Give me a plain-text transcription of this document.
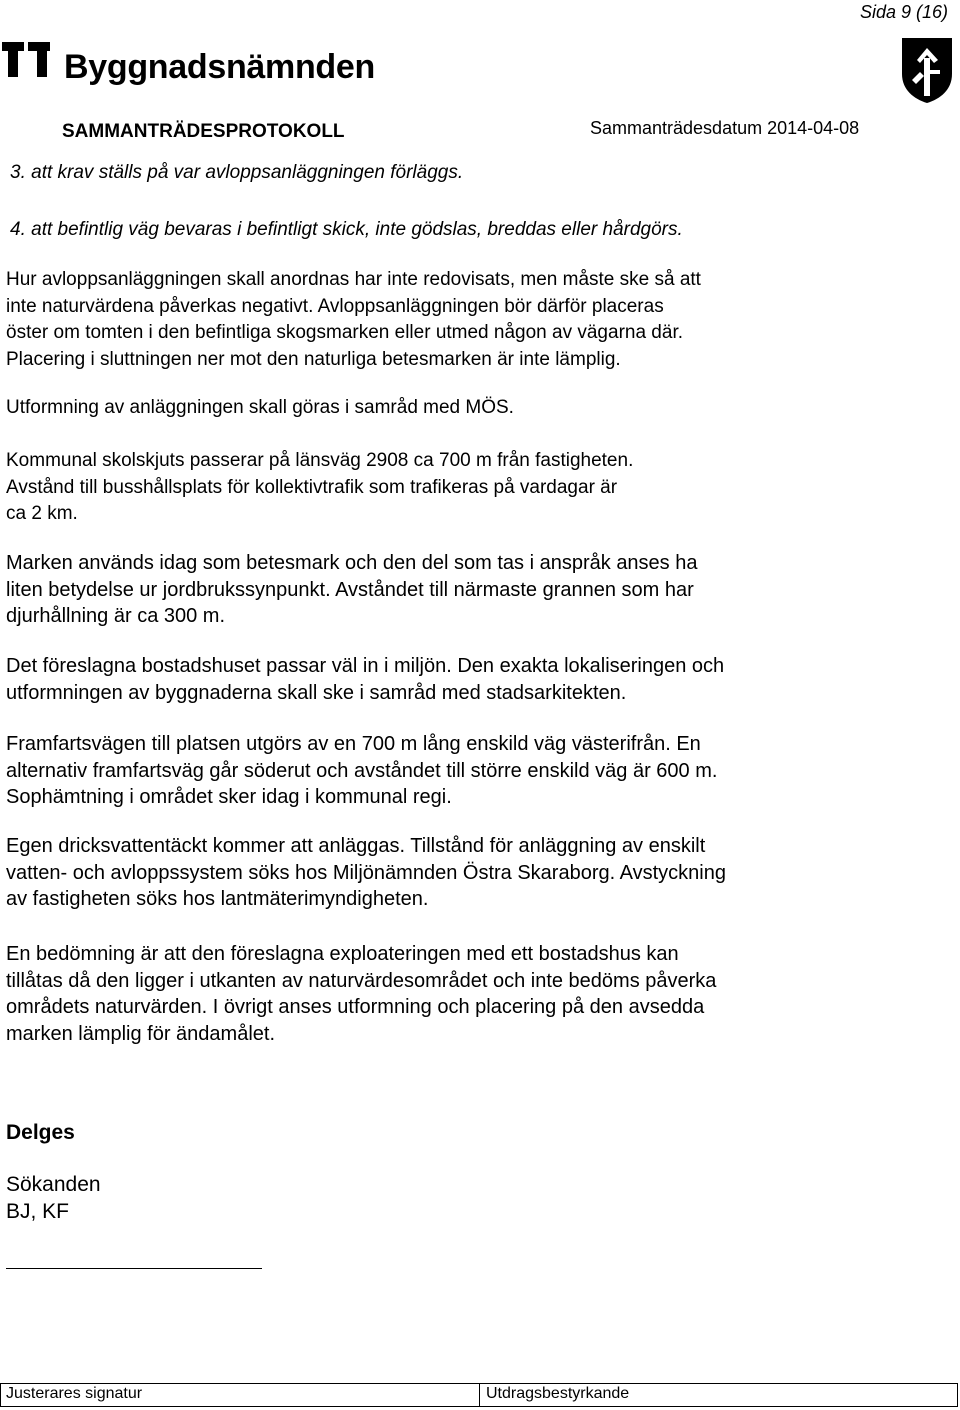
Sida 9 (16)
Byggnadsnämnden
SAMMANTRÄDESPROTOKOLL	Sammanträdesdatum 2014-04-08
3. att krav ställs på var avloppsanläggningen förläggs.
4. att befintlig väg bevaras i befintligt skick, inte gödslas, breddas eller hårdgörs.
Hur avloppsanläggningen skall anordnas har inte redovisats, men måste ske så att
inte naturvärdena påverkas negativt. Avloppsanläggningen bör därför placeras
öster om tomten i den befintliga skogsmarken eller utmed någon av vägarna där.
Placering i sluttningen ner mot den naturliga betesmarken är inte lämplig.
Utformning av anläggningen skall göras i samråd med MÖS.
Kommunal skolskjuts passerar på länsväg 2908 ca 700 m från fastigheten.
Avstånd till busshållsplats för kollektivtrafik som trafikeras på vardagar är
ca 2 km.
Marken används idag som betesmark och den del som tas i anspråk anses ha
liten betydelse ur jordbrukssynpunkt. Avståndet till närmaste grannen som har
djurhållning är ca 300 m.
Det föreslagna bostadshuset passar väl in i miljön. Den exakta lokaliseringen och
utformningen av byggnaderna skall ske i samråd med stadsarkitekten.
Framfartsvägen till platsen utgörs av en 700 m lång enskild väg västerifrån. En
alternativ framfartsväg går söderut och avståndet till större enskild väg är 600 m.
Sophämtning i området sker idag i kommunal regi.
Egen dricksvattentäckt kommer att anläggas. Tillstånd för anläggning av enskilt
vatten- och avloppssystem söks hos Miljönämnden Östra Skaraborg. Avstyckning
av fastigheten söks hos lantmäterimyndigheten.
En bedömning är att den föreslagna exploateringen med ett bostadshus kan
tillåtas då den ligger i utkanten av naturvärdesområdet och inte bedöms påverka
områdets naturvärden. I övrigt anses utformning och placering på den avsedda
marken lämplig för ändamålet.
Delges
Sökanden
BJ, KF
Justerares signatur	Utdragsbestyrkande
